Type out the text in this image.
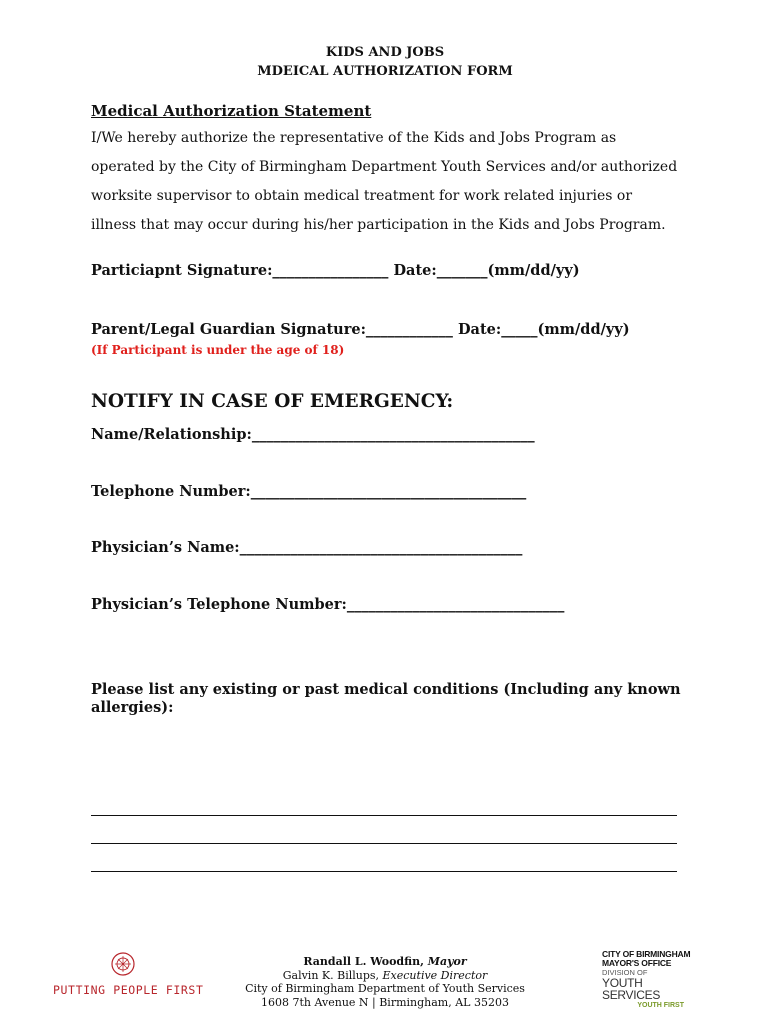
KIDS AND JOBS
MDEICAL AUTHORIZATION FORM
Medical Authorization Statement
I/We hereby authorize the representative of the Kids and Jobs Program as operated by the City of Birmingham Department Youth Services and/or authorized worksite supervisor to obtain medical treatment for work related injuries or illness that may occur during his/her participation in the Kids and Jobs Program.
Particiapnt Signature:________________ Date:_______(mm/dd/yy)
Parent/Legal Guardian Signature:____________ Date:_____(mm/dd/yy)
(If Participant is under the age of 18)
NOTIFY IN CASE OF EMERGENCY:
Name/Relationship:_______________________________________
Telephone Number:______________________________________
Physician’s Name:_______________________________________
Physician’s Telephone Number:______________________________
Please list any existing or past medical conditions (Including any known allergies):
PUTTING PEOPLE FIRST
Randall L. Woodfin, Mayor
Galvin K. Billups, Executive Director
City of Birmingham Department of Youth Services
1608 7th Avenue N | Birmingham, AL 35203
CITY OF BIRMINGHAM
MAYOR'S OFFICE
DIVISION OF
YOUTH SERVICES
YOUTH FIRST
